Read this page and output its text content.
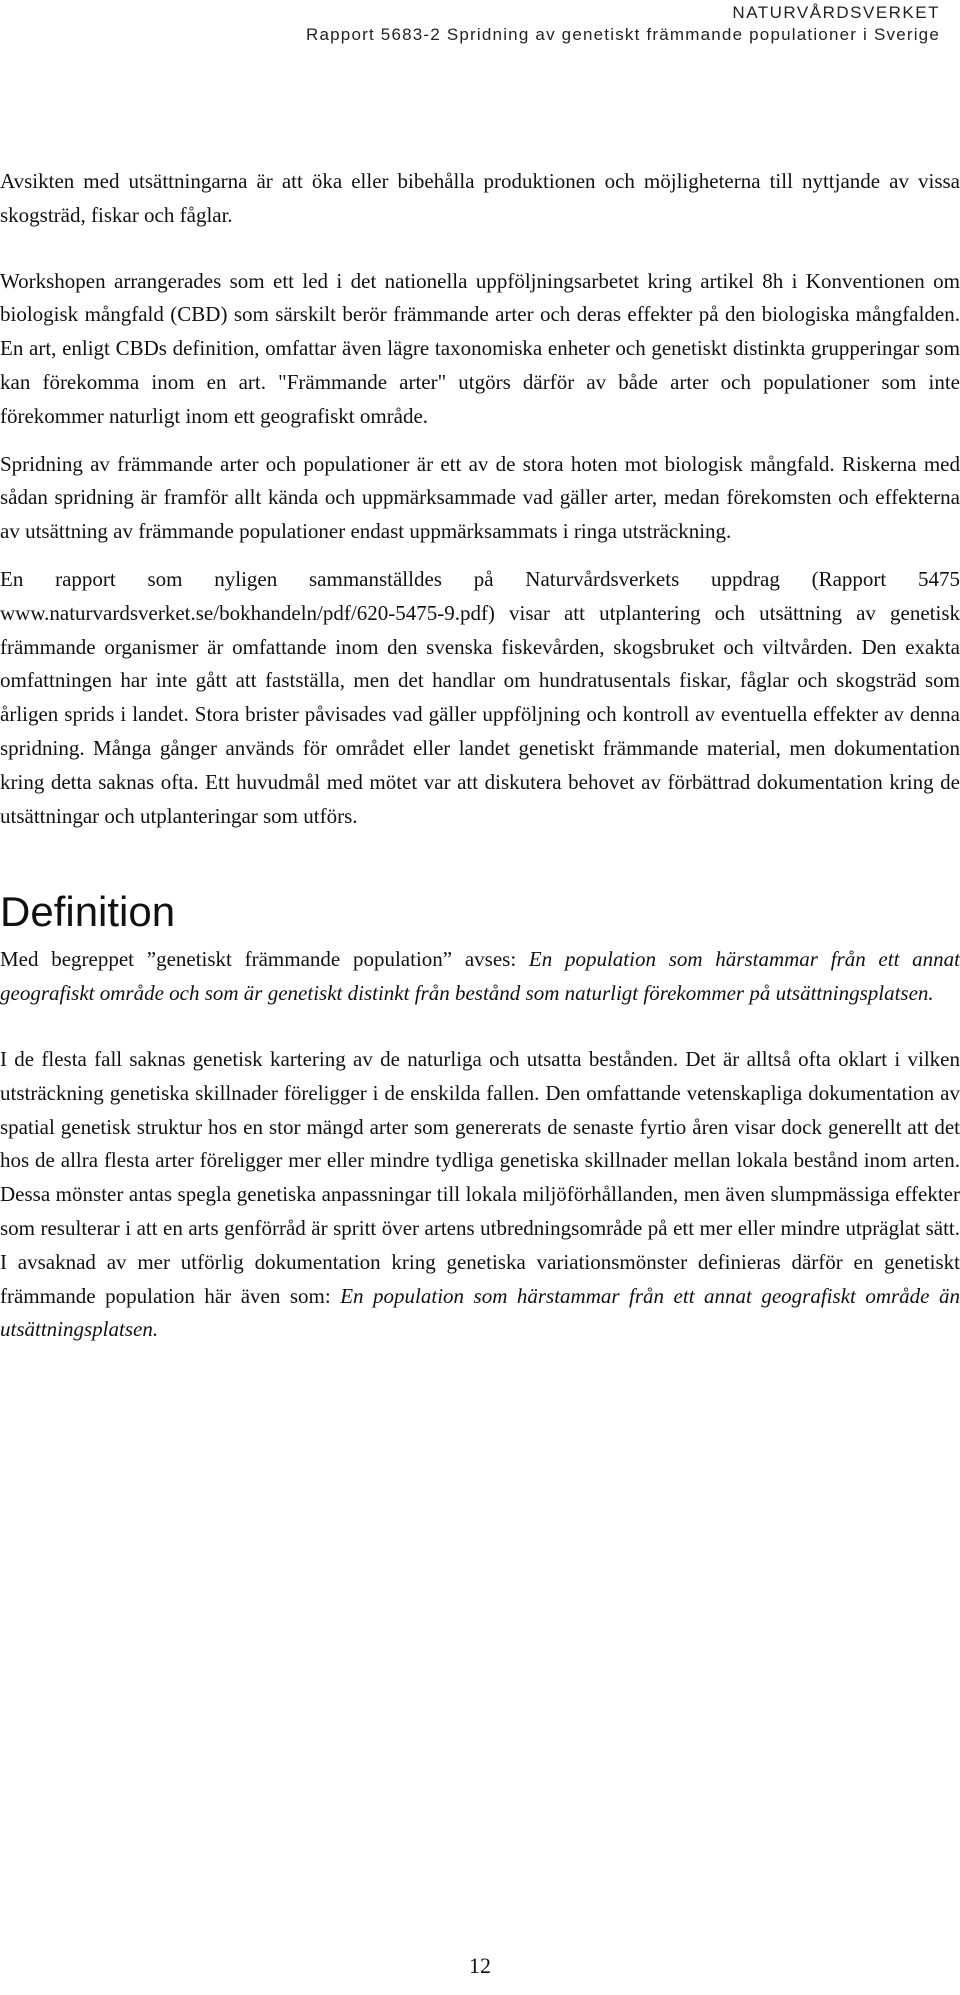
NATURVÅRDSVERKET
Rapport 5683-2 Spridning av genetiskt främmande populationer i Sverige

Avsikten med utsättningarna är att öka eller bibehålla produktionen och möjligheterna till nyttjande av vissa skogsträd, fiskar och fåglar.

Workshopen arrangerades som ett led i det nationella uppföljningsarbetet kring artikel 8h i Konventionen om biologisk mångfald (CBD) som särskilt berör främmande arter och deras effekter på den biologiska mångfalden. En art, enligt CBDs definition, omfattar även lägre taxonomiska enheter och genetiskt distinkta grupperingar som kan förekomma inom en art. "Främmande arter" utgörs därför av både arter och populationer som inte förekommer naturligt inom ett geografiskt område.

Spridning av främmande arter och populationer är ett av de stora hoten mot biologisk mångfald. Riskerna med sådan spridning är framför allt kända och uppmärksammade vad gäller arter, medan förekomsten och effekterna av utsättning av främmande populationer endast uppmärksammats i ringa utsträckning.

En rapport som nyligen sammanställdes på Naturvårdsverkets uppdrag (Rapport 5475 www.naturvardsverket.se/bokhandeln/pdf/620-5475-9.pdf) visar att utplantering och utsättning av genetisk främmande organismer är omfattande inom den svenska fiskevården, skogsbruket och viltvården. Den exakta omfattningen har inte gått att fastställa, men det handlar om hundratusentals fiskar, fåglar och skogsträd som årligen sprids i landet. Stora brister påvisades vad gäller uppföljning och kontroll av eventuella effekter av denna spridning. Många gånger används för området eller landet genetiskt främmande material, men dokumentation kring detta saknas ofta. Ett huvudmål med mötet var att diskutera behovet av förbättrad dokumentation kring de utsättningar och utplanteringar som utförs.

Definition

Med begreppet ”genetiskt främmande population” avses: En population som härstammar från ett annat geografiskt område och som är genetiskt distinkt från bestånd som naturligt förekommer på utsättningsplatsen.

I de flesta fall saknas genetisk kartering av de naturliga och utsatta bestånden. Det är alltså ofta oklart i vilken utsträckning genetiska skillnader föreligger i de enskilda fallen. Den omfattande vetenskapliga dokumentation av spatial genetisk struktur hos en stor mängd arter som genererats de senaste fyrtio åren visar dock generellt att det hos de allra flesta arter föreligger mer eller mindre tydliga genetiska skillnader mellan lokala bestånd inom arten. Dessa mönster antas spegla genetiska anpassningar till lokala miljöförhållanden, men även slumpmässiga effekter som resulterar i att en arts genförråd är spritt över artens utbredningsområde på ett mer eller mindre utpräglat sätt. I avsaknad av mer utförlig dokumentation kring genetiska variationsmönster definieras därför en genetiskt främmande population här även som: En population som härstammar från ett annat geografiskt område än utsättningsplatsen.

12
